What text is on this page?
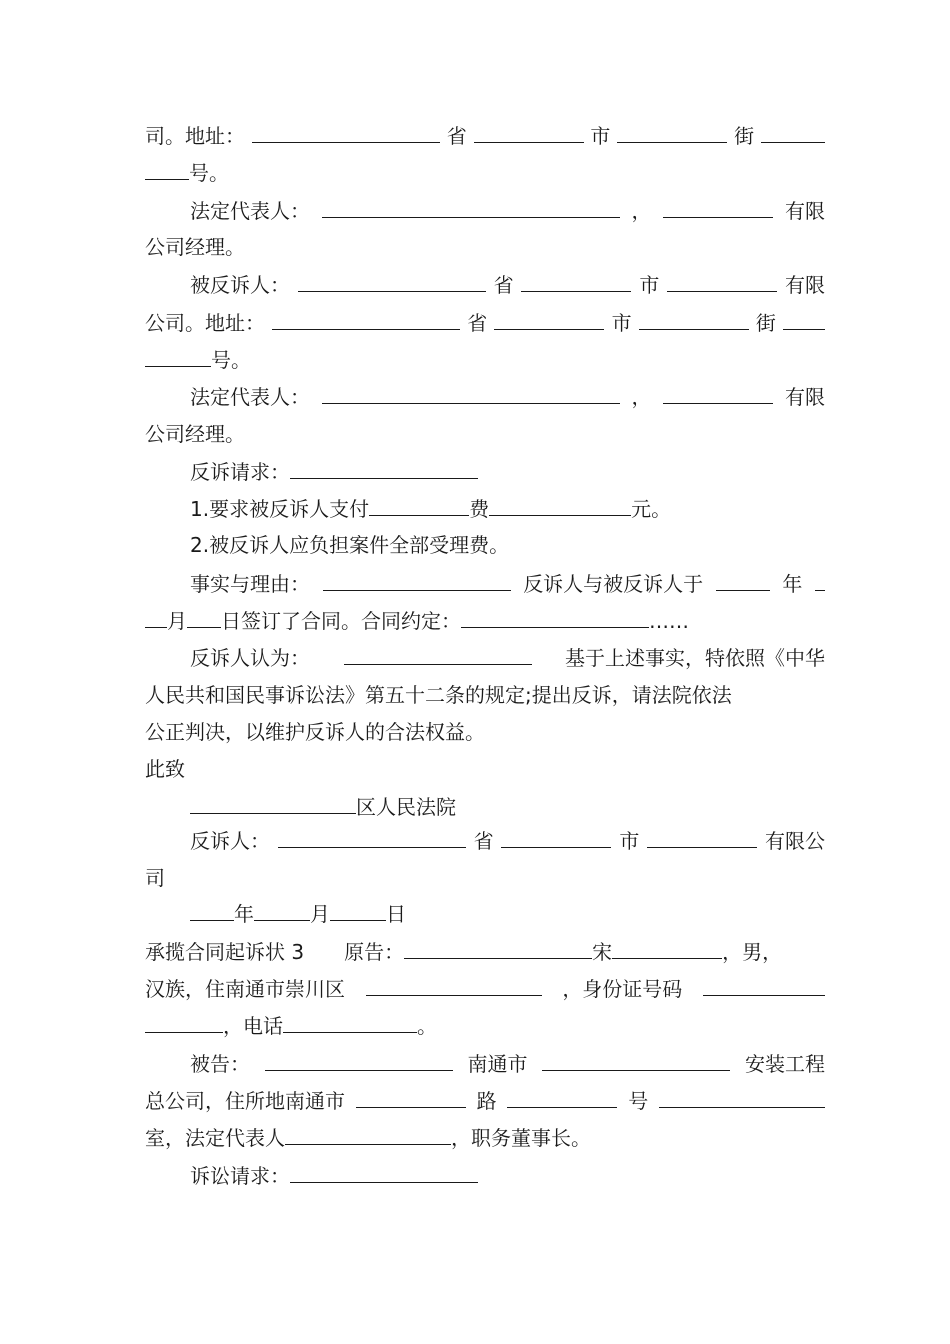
司。地址：	省	市	街
号。
法定代表人：	，	有限
公司经理。
被反诉人：	省	市	有限
公司。地址：	省	市	街
号。
法定代表人：	，	有限
公司经理。
反诉请求：
1.要求被反诉人支付	费	元。
2.被反诉人应负担案件全部受理费。
事实与理由：	反诉人与被反诉人于	年
月 日签订了合同。合同约定：	……
反诉人认为：	基于上述事实，特依照《中华
人民共和国民事诉讼法》第五十二条的规定;提出反诉，请法院依法
公正判决，以维护反诉人的合法权益。
此致
区人民法院
反诉人：	省	市	有限公
司
年	月	日
承揽合同起诉状 3 原告：	宋	，男，
汉族，住南通市崇川区	，身份证号码
，电话	。
被告：	南通市	安装工程
总公司，住所地南通市	路	号
室，法定代表人	，职务董事长。
诉讼请求：
